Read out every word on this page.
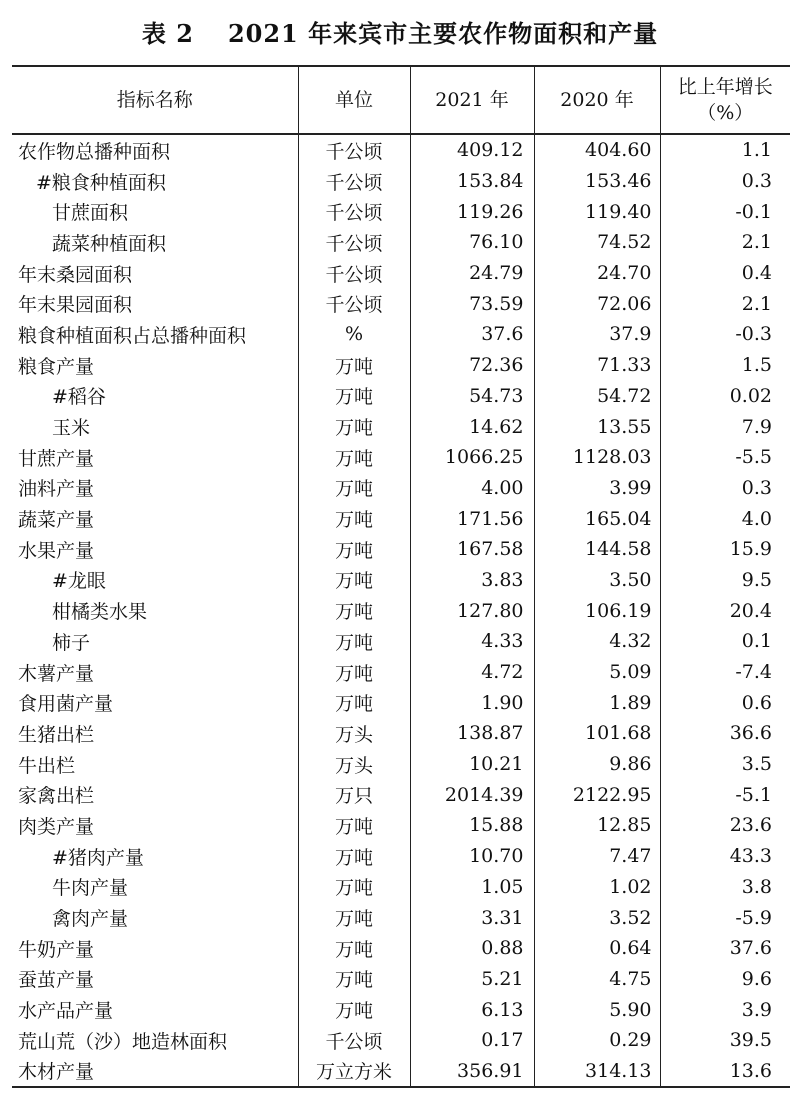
表 2 2021 年来宾市主要农作物面积和产量
指标名称	单位	2021 年	2020 年	比上年增长
（%）
农作物总播种面积	千公顷	409.12	404.60	1.1
#粮食种植面积	千公顷	153.84	153.46	0.3
甘蔗面积	千公顷	119.26	119.40	-0.1
蔬菜种植面积	千公顷	76.10	74.52	2.1
年末桑园面积	千公顷	24.79	24.70	0.4
年末果园面积	千公顷	73.59	72.06	2.1
粮食种植面积占总播种面积	%	37.6	37.9	-0.3
粮食产量	万吨	72.36	71.33	1.5
#稻谷	万吨	54.73	54.72	0.02
玉米	万吨	14.62	13.55	7.9
甘蔗产量	万吨	1066.25	1128.03	-5.5
油料产量	万吨	4.00	3.99	0.3
蔬菜产量	万吨	171.56	165.04	4.0
水果产量	万吨	167.58	144.58	15.9
#龙眼	万吨	3.83	3.50	9.5
柑橘类水果	万吨	127.80	106.19	20.4
柿子	万吨	4.33	4.32	0.1
木薯产量	万吨	4.72	5.09	-7.4
食用菌产量	万吨	1.90	1.89	0.6
生猪出栏	万头	138.87	101.68	36.6
牛出栏	万头	10.21	9.86	3.5
家禽出栏	万只	2014.39	2122.95	-5.1
肉类产量	万吨	15.88	12.85	23.6
#猪肉产量	万吨	10.70	7.47	43.3
牛肉产量	万吨	1.05	1.02	3.8
禽肉产量	万吨	3.31	3.52	-5.9
牛奶产量	万吨	0.88	0.64	37.6
蚕茧产量	万吨	5.21	4.75	9.6
水产品产量	万吨	6.13	5.90	3.9
荒山荒（沙）地造林面积	千公顷	0.17	0.29	39.5
木材产量	万立方米	356.91	314.13	13.6
